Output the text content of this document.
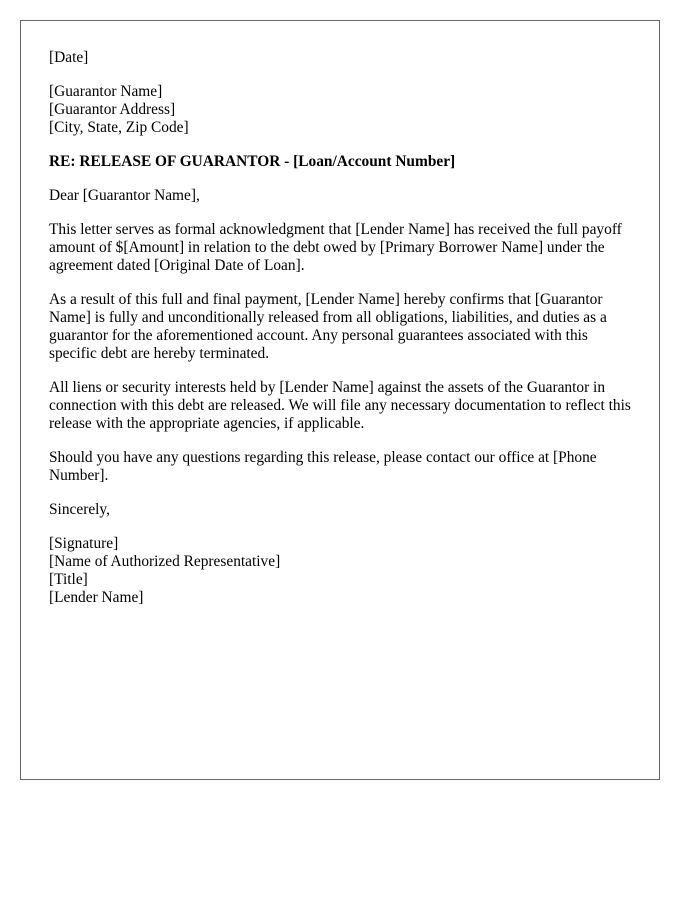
[Date]
[Guarantor Name]
[Guarantor Address]
[City, State, Zip Code]
RE: RELEASE OF GUARANTOR - [Loan/Account Number]
Dear [Guarantor Name],
This letter serves as formal acknowledgment that [Lender Name] has received the full payoff amount of $[Amount] in relation to the debt owed by [Primary Borrower Name] under the agreement dated [Original Date of Loan].
As a result of this full and final payment, [Lender Name] hereby confirms that [Guarantor Name] is fully and unconditionally released from all obligations, liabilities, and duties as a guarantor for the aforementioned account. Any personal guarantees associated with this specific debt are hereby terminated.
All liens or security interests held by [Lender Name] against the assets of the Guarantor in connection with this debt are released. We will file any necessary documentation to reflect this release with the appropriate agencies, if applicable.
Should you have any questions regarding this release, please contact our office at [Phone Number].
Sincerely,
[Signature]
[Name of Authorized Representative]
[Title]
[Lender Name]
